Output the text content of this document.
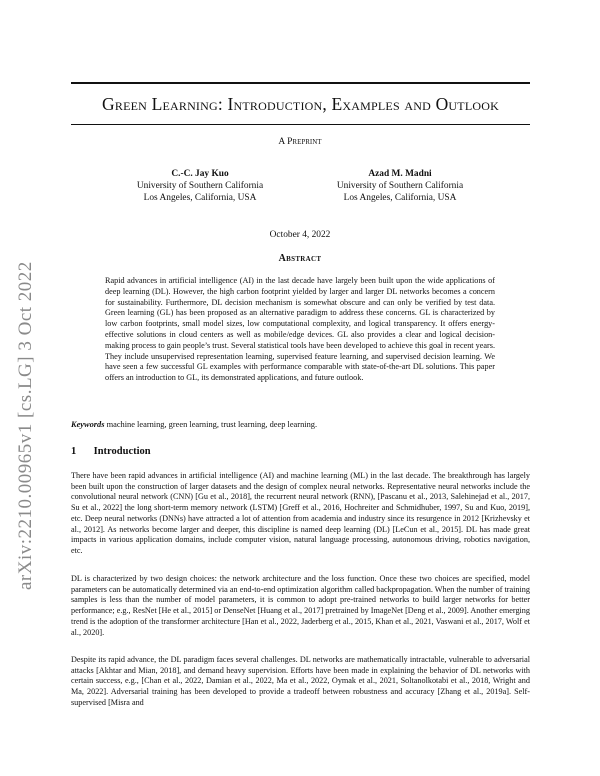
arXiv:2210.00965v1 [cs.LG] 3 Oct 2022
Green Learning: Introduction, Examples and Outlook
A Preprint
C.-C. Jay Kuo
University of Southern California
Los Angeles, California, USA
Azad M. Madni
University of Southern California
Los Angeles, California, USA
October 4, 2022
Abstract
Rapid advances in artificial intelligence (AI) in the last decade have largely been built upon the wide applications of deep learning (DL). However, the high carbon footprint yielded by larger and larger DL networks becomes a concern for sustainability. Furthermore, DL decision mechanism is somewhat obscure and can only be verified by test data. Green learning (GL) has been proposed as an alternative paradigm to address these concerns. GL is characterized by low carbon footprints, small model sizes, low computational complexity, and logical transparency. It offers energy-effective solutions in cloud centers as well as mobile/edge devices. GL also provides a clear and logical decision-making process to gain people’s trust. Several statistical tools have been developed to achieve this goal in recent years. They include unsupervised representation learning, supervised feature learning, and supervised decision learning. We have seen a few successful GL examples with performance comparable with state-of-the-art DL solutions. This paper offers an introduction to GL, its demonstrated applications, and future outlook.
Keywords machine learning, green learning, trust learning, deep learning.
1 Introduction
There have been rapid advances in artificial intelligence (AI) and machine learning (ML) in the last decade. The breakthrough has largely been built upon the construction of larger datasets and the design of complex neural networks. Representative neural networks include the convolutional neural network (CNN) [Gu et al., 2018], the recurrent neural network (RNN), [Pascanu et al., 2013, Salehinejad et al., 2017, Su et al., 2022] the long short-term memory network (LSTM) [Greff et al., 2016, Hochreiter and Schmidhuber, 1997, Su and Kuo, 2019], etc. Deep neural networks (DNNs) have attracted a lot of attention from academia and industry since its resurgence in 2012 [Krizhevsky et al., 2012]. As networks become larger and deeper, this discipline is named deep learning (DL) [LeCun et al., 2015]. DL has made great impacts in various application domains, include computer vision, natural language processing, autonomous driving, robotics navigation, etc.
DL is characterized by two design choices: the network architecture and the loss function. Once these two choices are specified, model parameters can be automatically determined via an end-to-end optimization algorithm called backpropagation. When the number of training samples is less than the number of model parameters, it is common to adopt pre-trained networks to build larger networks for better performance; e.g., ResNet [He et al., 2015] or DenseNet [Huang et al., 2017] pretrained by ImageNet [Deng et al., 2009]. Another emerging trend is the adoption of the transformer architecture [Han et al., 2022, Jaderberg et al., 2015, Khan et al., 2021, Vaswani et al., 2017, Wolf et al., 2020].
Despite its rapid advance, the DL paradigm faces several challenges. DL networks are mathematically intractable, vulnerable to adversarial attacks [Akhtar and Mian, 2018], and demand heavy supervision. Efforts have been made in explaining the behavior of DL networks with certain success, e.g., [Chan et al., 2022, Damian et al., 2022, Ma et al., 2022, Oymak et al., 2021, Soltanolkotabi et al., 2018, Wright and Ma, 2022]. Adversarial training has been developed to provide a tradeoff between robustness and accuracy [Zhang et al., 2019a]. Self-supervised [Misra and
